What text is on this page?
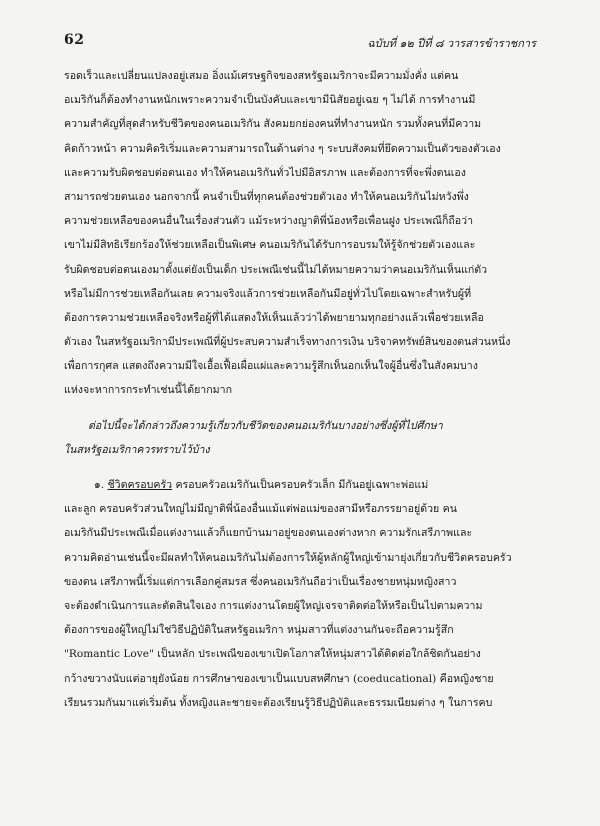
62	ฉบับที่ ๑๒ ปีที่ ๘ วารสารข้าราชการ
รอดเร็วและเปลี่ยนแปลงอยู่เสมอ อิ่งแม้เศรษฐกิจของสหรัฐอเมริกาจะมีความมั่งคั่ง แต่คน
อเมริกันก็ต้องทำงานหนักเพราะความจำเป็นบังคับและเขามีนิสัยอยู่เฉย ๆ ไม่ได้ การทำงานมี
ความสำคัญที่สุดสำหรับชีวิตของคนอเมริกัน สังคมยกย่องคนที่ทำงานหนัก รวมทั้งคนที่มีความ
คิดก้าวหน้า ความคิดริเริ่มและความสามารถในด้านต่าง ๆ ระบบสังคมที่ยึดความเป็นตัวของตัวเอง
และความรับผิดชอบต่อตนเอง ทำให้คนอเมริกันทั่วไปมีอิสรภาพ และต้องการที่จะพึ่งตนเอง
สามารถช่วยตนเอง นอกจากนี้ คนจำเป็นที่ทุกคนต้องช่วยตัวเอง ทำให้คนอเมริกันไม่หวังพึ่ง
ความช่วยเหลือของคนอื่นในเรื่องส่วนตัว แม้ระหว่างญาติพี่น้องหรือเพื่อนฝูง ประเพณีก็ถือว่า
เขาไม่มีสิทธิเรียกร้องให้ช่วยเหลือเป็นพิเศษ คนอเมริกันได้รับการอบรมให้รู้จักช่วยตัวเองและ
รับผิดชอบต่อตนเองมาตั้งแต่ยังเป็นเด็ก ประเพณีเช่นนี้ไม่ได้หมายความว่าคนอเมริกันเห็นแก่ตัว
หรือไม่มีการช่วยเหลือกันเลย ความจริงแล้วการช่วยเหลือกันมีอยู่ทั่วไปโดยเฉพาะสำหรับผู้ที่
ต้องการความช่วยเหลือจริงหรือผู้ที่ได้แสดงให้เห็นแล้วว่าได้พยายามทุกอย่างแล้วเพื่อช่วยเหลือ
ตัวเอง ในสหรัฐอเมริกามีประเพณีที่ผู้ประสบความสำเร็จทางการเงิน บริจาคทรัพย์สินของตนส่วนหนึ่ง
เพื่อการกุศล แสดงถึงความมีใจเอื้อเฟื้อเผื่อแผ่และความรู้สึกเห็นอกเห็นใจผู้อื่นซึ่งในสังคมบาง
แห่งจะหาการกระทำเช่นนี้ได้ยากมาก
ต่อไปนี้จะได้กล่าวถึงความรู้เกี่ยวกับชีวิตของคนอเมริกันบางอย่างซึ่งผู้ที่ไปศึกษา
ในสหรัฐอเมริกาควรทราบไว้บ้าง
๑. ชีวิตครอบครัว ครอบครัวอเมริกันเป็นครอบครัวเล็ก มีกันอยู่เฉพาะพ่อแม่
และลูก ครอบครัวส่วนใหญ่ไม่มีญาติพี่น้องอื่นแม้แต่พ่อแม่ของสามีหรือภรรยาอยู่ด้วย คน
อเมริกันมีประเพณีเมื่อแต่งงานแล้วก็แยกบ้านมาอยู่ของตนเองต่างหาก ความรักเสรีภาพและ
ความคิดอ่านเช่นนี้จะมีผลทำให้คนอเมริกันไม่ต้องการให้ผู้หลักผู้ใหญ่เข้ามายุ่งเกี่ยวกับชีวิตครอบครัว
ของตน เสรีภาพนี้เริ่มแต่การเลือกคู่สมรส ซึ่งคนอเมริกันถือว่าเป็นเรื่องชายหนุ่มหญิงสาว
จะต้องดำเนินการและตัดสินใจเอง การแต่งงานโดยผู้ใหญ่เจรจาติดต่อให้หรือเป็นไปตามความ
ต้องการของผู้ใหญ่ไม่ใช่วิธีปฏิบัติในสหรัฐอเมริกา หนุ่มสาวที่แต่งงานกันจะถือความรู้สึก
"Romantic Love" เป็นหลัก ประเพณีของเขาเปิดโอกาสให้หนุ่มสาวได้ติดต่อใกล้ชิดกันอย่าง
กว้างขวางนับแต่อายุยังน้อย การศึกษาของเขาเป็นแบบสหศึกษา (coeducational) คือหญิงชาย
เรียนรวมกันมาแต่เริ่มต้น ทั้งหญิงและชายจะต้องเรียนรู้วิธีปฏิบัติและธรรมเนียมต่าง ๆ ในการคบ
